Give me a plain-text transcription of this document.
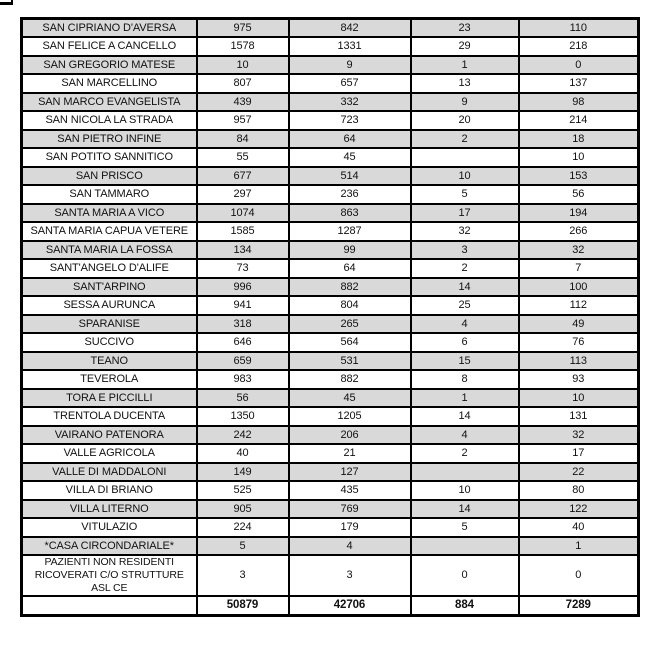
SAN CIPRIANO D'AVERSA	975	842	23	110
SAN FELICE A CANCELLO	1578	1331	29	218
SAN GREGORIO MATESE	10	9	1	0
SAN MARCELLINO	807	657	13	137
SAN MARCO EVANGELISTA	439	332	9	98
SAN NICOLA LA STRADA	957	723	20	214
SAN PIETRO INFINE	84	64	2	18
SAN POTITO SANNITICO	55	45		10
SAN PRISCO	677	514	10	153
SAN TAMMARO	297	236	5	56
SANTA MARIA A VICO	1074	863	17	194
SANTA MARIA CAPUA VETERE	1585	1287	32	266
SANTA MARIA LA FOSSA	134	99	3	32
SANT'ANGELO D'ALIFE	73	64	2	7
SANT'ARPINO	996	882	14	100
SESSA AURUNCA	941	804	25	112
SPARANISE	318	265	4	49
SUCCIVO	646	564	6	76
TEANO	659	531	15	113
TEVEROLA	983	882	8	93
TORA E PICCILLI	56	45	1	10
TRENTOLA DUCENTA	1350	1205	14	131
VAIRANO PATENORA	242	206	4	32
VALLE AGRICOLA	40	21	2	17
VALLE DI MADDALONI	149	127		22
VILLA DI BRIANO	525	435	10	80
VILLA LITERNO	905	769	14	122
VITULAZIO	224	179	5	40
*CASA CIRCONDARIALE*	5	4		1
PAZIENTI NON RESIDENTI RICOVERATI C/O STRUTTURE ASL CE	3	3	0	0
	50879	42706	884	7289
